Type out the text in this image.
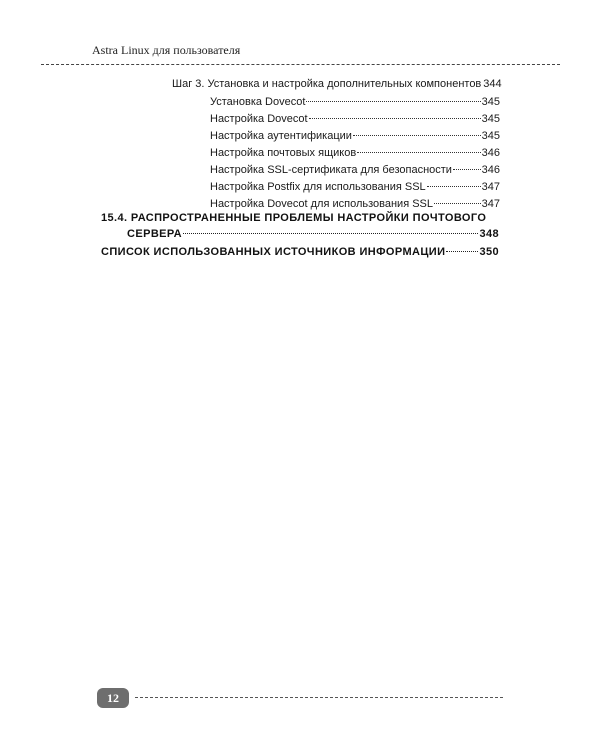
Astra Linux для пользователя
Шаг 3. Установка и настройка дополнительных компонентов 344
Установка Dovecot	345
Настройка Dovecot	345
Настройка аутентификации	345
Настройка почтовых ящиков	346
Настройка SSL-сертификата для безопасности	346
Настройка Postfix для использования SSL	347
Настройка Dovecot для использования SSL	347
15.4. РАСПРОСТРАНЕННЫЕ ПРОБЛЕМЫ НАСТРОЙКИ ПОЧТОВОГО
СЕРВЕРА	348
СПИСОК ИСПОЛЬЗОВАННЫХ ИСТОЧНИКОВ ИНФОРМАЦИИ	350
12
